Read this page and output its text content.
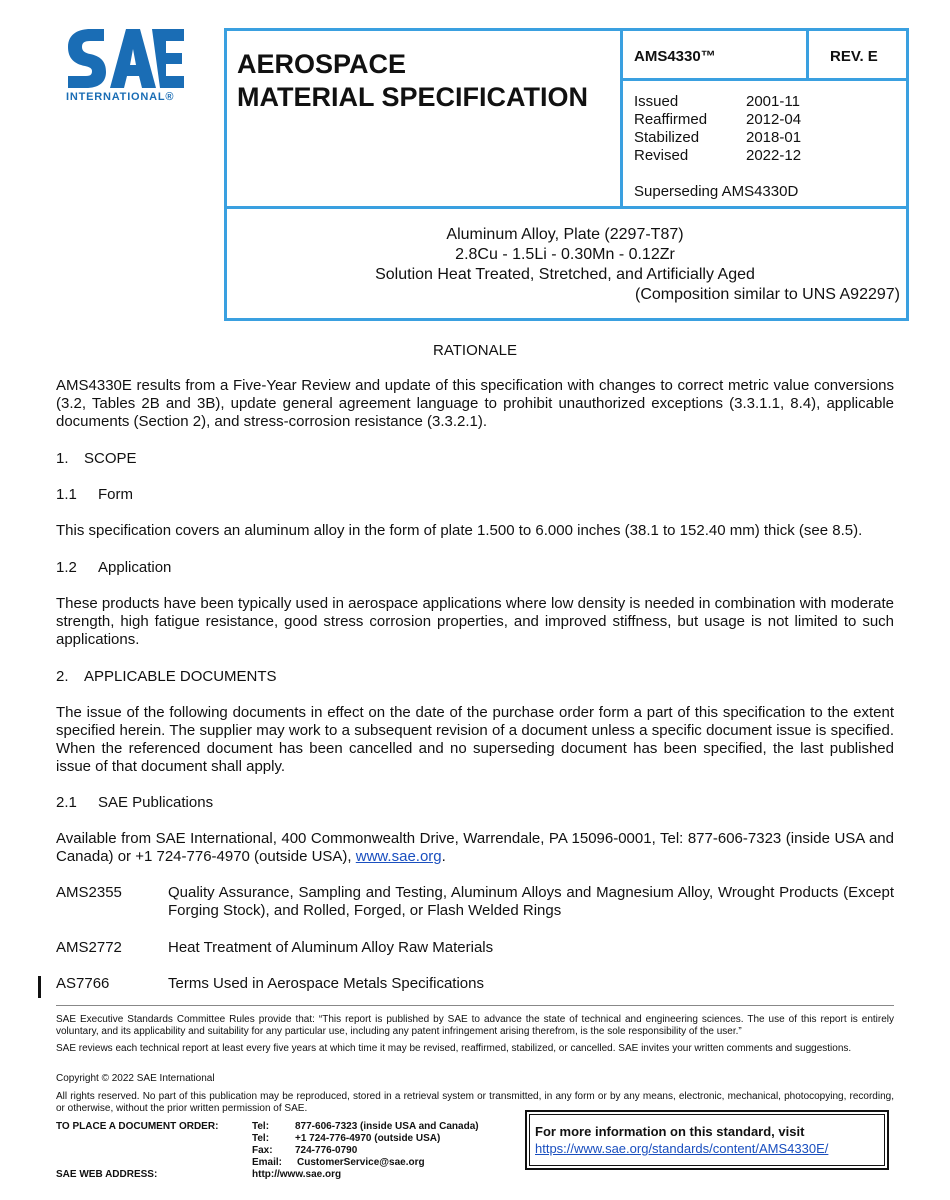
INTERNATIONAL®
AEROSPACE
MATERIAL SPECIFICATION
AMS4330™	REV. E
Issued	2001-11
Reaffirmed	2012-04
Stabilized	2018-01
Revised	2022-12
Superseding AMS4330D
Aluminum Alloy, Plate (2297-T87)
2.8Cu - 1.5Li - 0.30Mn - 0.12Zr
Solution Heat Treated, Stretched, and Artificially Aged
(Composition similar to UNS A92297)
RATIONALE
AMS4330E results from a Five-Year Review and update of this specification with changes to correct metric value conversions (3.2, Tables 2B and 3B), update general agreement language to prohibit unauthorized exceptions (3.3.1.1, 8.4), applicable documents (Section 2), and stress-corrosion resistance (3.3.2.1).
1. SCOPE
1.1 Form
This specification covers an aluminum alloy in the form of plate 1.500 to 6.000 inches (38.1 to 152.40 mm) thick (see 8.5).
1.2 Application
These products have been typically used in aerospace applications where low density is needed in combination with moderate strength, high fatigue resistance, good stress corrosion properties, and improved stiffness, but usage is not limited to such applications.
2. APPLICABLE DOCUMENTS
The issue of the following documents in effect on the date of the purchase order form a part of this specification to the extent specified herein. The supplier may work to a subsequent revision of a document unless a specific document issue is specified. When the referenced document has been cancelled and no superseding document has been specified, the last published issue of that document shall apply.
2.1 SAE Publications
Available from SAE International, 400 Commonwealth Drive, Warrendale, PA 15096-0001, Tel: 877-606-7323 (inside USA and Canada) or +1 724-776-4970 (outside USA), www.sae.org.
AMS2355	Quality Assurance, Sampling and Testing, Aluminum Alloys and Magnesium Alloy, Wrought Products (Except Forging Stock), and Rolled, Forged, or Flash Welded Rings
AMS2772	Heat Treatment of Aluminum Alloy Raw Materials
AS7766	Terms Used in Aerospace Metals Specifications
SAE Executive Standards Committee Rules provide that: “This report is published by SAE to advance the state of technical and engineering sciences. The use of this report is entirely voluntary, and its applicability and suitability for any particular use, including any patent infringement arising therefrom, is the sole responsibility of the user.”
SAE reviews each technical report at least every five years at which time it may be revised, reaffirmed, stabilized, or cancelled. SAE invites your written comments and suggestions.
Copyright © 2022 SAE International
All rights reserved. No part of this publication may be reproduced, stored in a retrieval system or transmitted, in any form or by any means, electronic, mechanical, photocopying, recording, or otherwise, without the prior written permission of SAE.
TO PLACE A DOCUMENT ORDER:	Tel:	877-606-7323 (inside USA and Canada)
Tel:	+1 724-776-4970 (outside USA)
Fax: 724-776-0790
Email: CustomerService@sae.org
SAE WEB ADDRESS:	http://www.sae.org
For more information on this standard, visit
https://www.sae.org/standards/content/AMS4330E/
